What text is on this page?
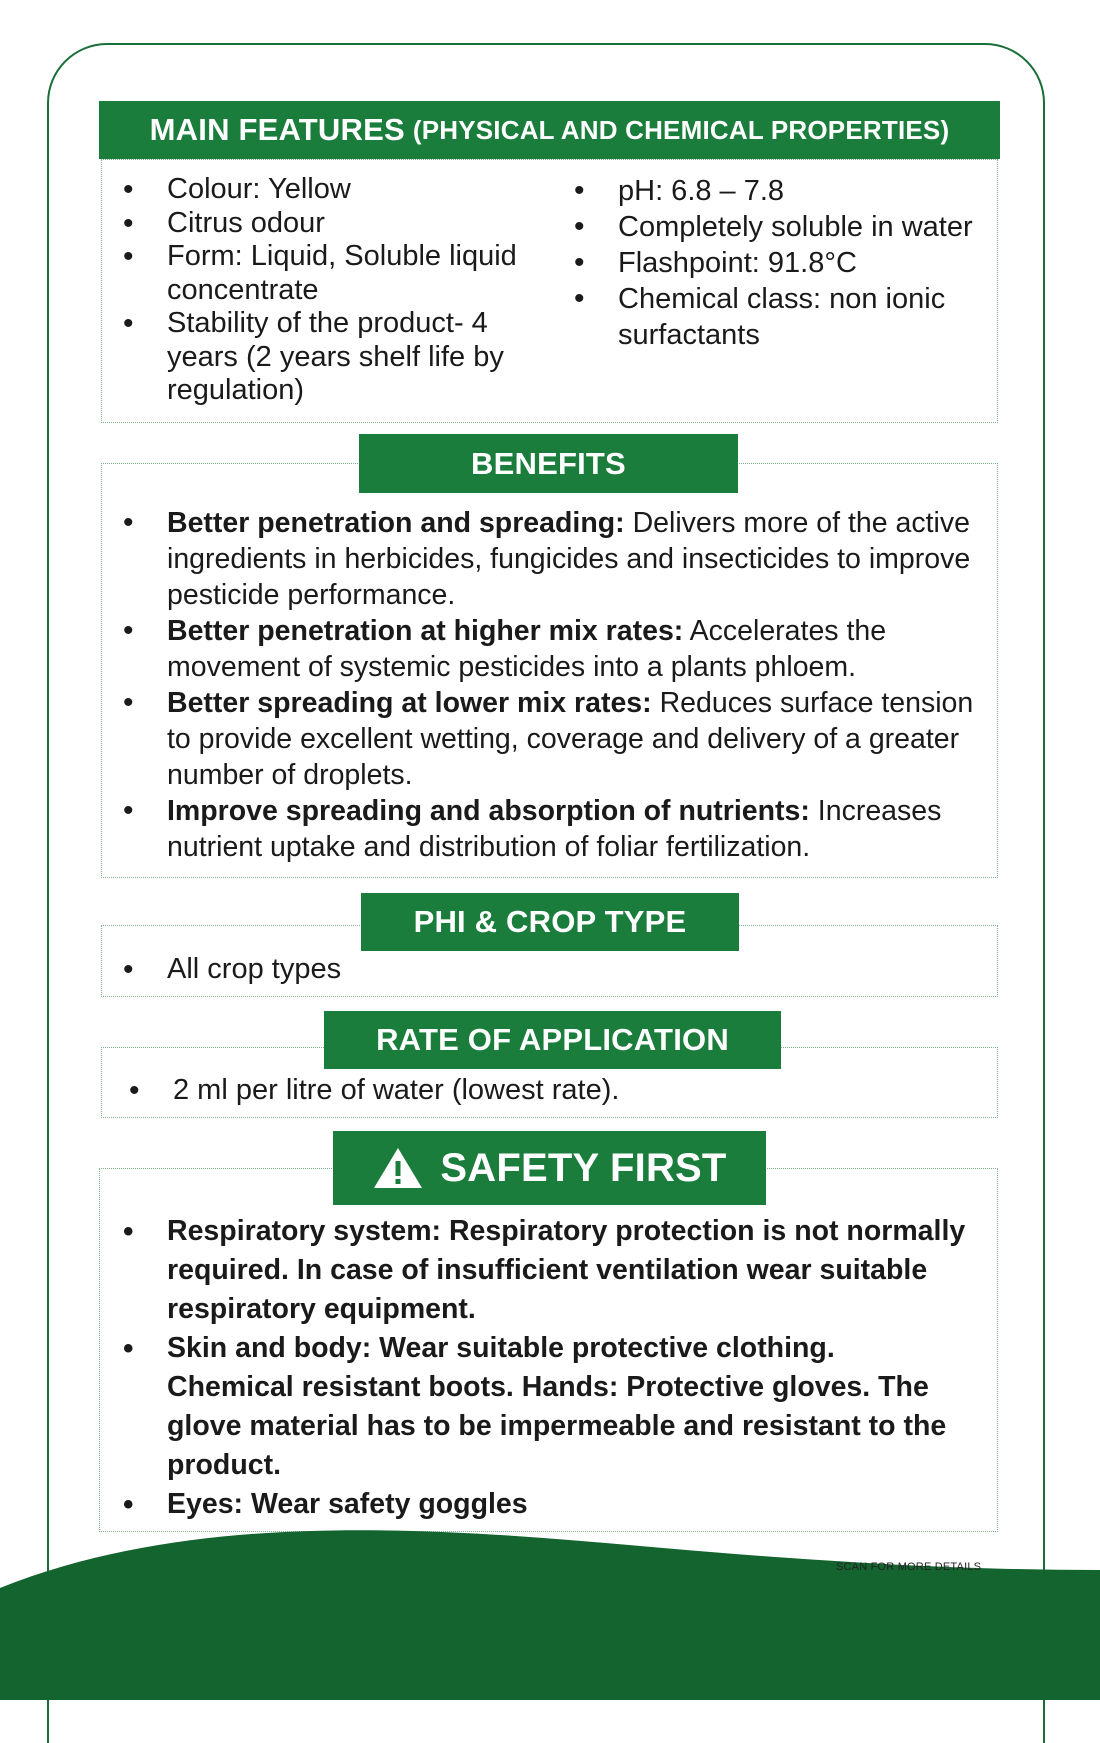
MAIN FEATURES (PHYSICAL AND CHEMICAL PROPERTIES)
• Colour: Yellow
• Citrus odour
• Form: Liquid, Soluble liquid concentrate
• Stability of the product- 4 years (2 years shelf life by regulation)
• pH: 6.8 – 7.8
• Completely soluble in water
• Flashpoint: 91.8°C
• Chemical class: non ionic surfactants
• Better penetration and spreading: Delivers more of the active ingredients in herbicides, fungicides and insecticides to improve pesticide performance.
• Better penetration at higher mix rates: Accelerates the movement of systemic pesticides into a plants phloem.
• Better spreading at lower mix rates: Reduces surface tension to provide excellent wetting, coverage and delivery of a greater number of droplets.
• Improve spreading and absorption of nutrients: Increases nutrient uptake and distribution of foliar fertilization.
BENEFITS
• All crop types
PHI & CROP TYPE
• 2 ml per litre of water (lowest rate).
RATE OF APPLICATION
• Respiratory system: Respiratory protection is not normally required. In case of insufficient ventilation wear suitable respiratory equipment.
• Skin and body: Wear suitable protective clothing. Chemical resistant boots. Hands: Protective gloves. The glove material has to be impermeable and resistant to the product.
• Eyes: Wear safety goggles
SAFETY FIRST
SCAN FOR MORE DETAILS
